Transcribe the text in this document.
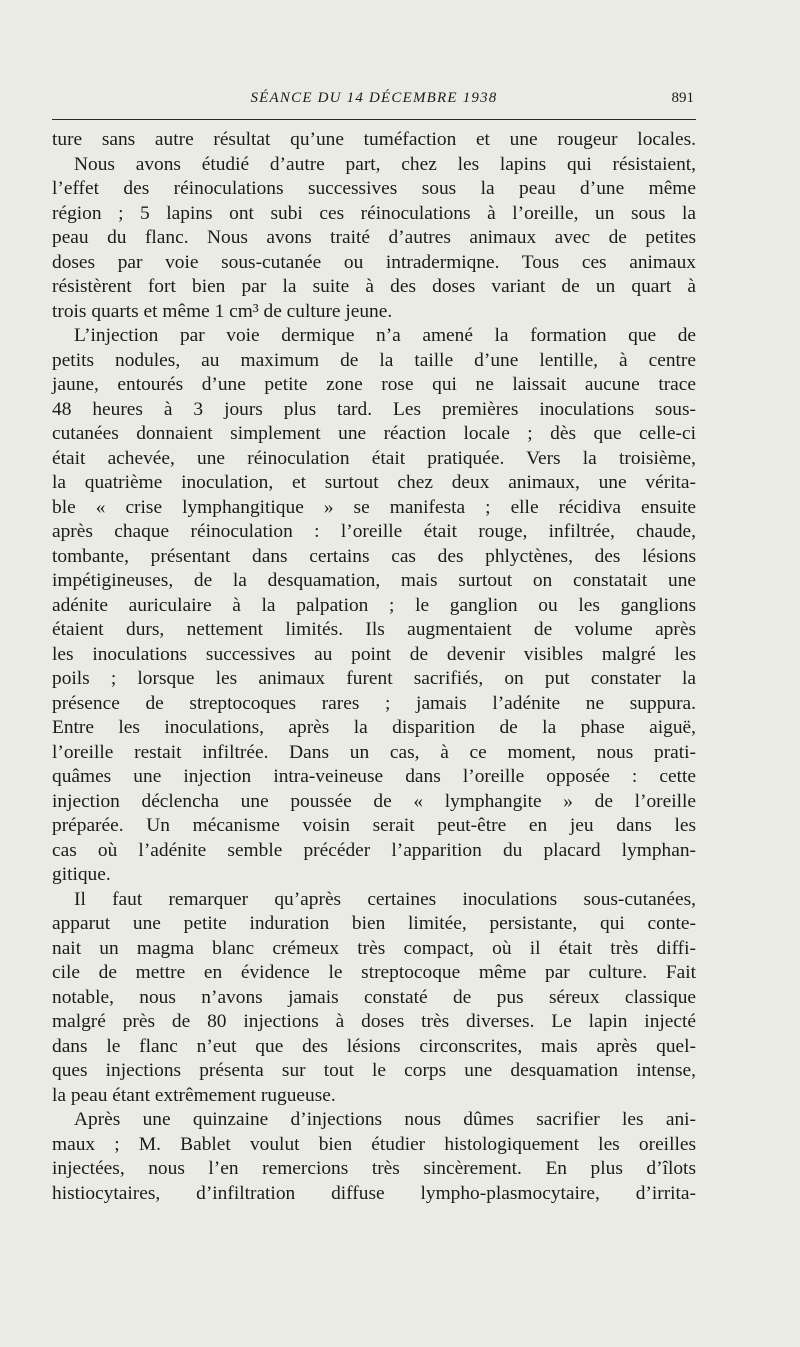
SÉANCE DU 14 DÉCEMBRE 1938	891
ture sans autre résultat qu’une tuméfaction et une rougeur locales.
Nous avons étudié d’autre part, chez les lapins qui résistaient,
l’effet des réinoculations successives sous la peau d’une même
région ; 5 lapins ont subi ces réinoculations à l’oreille, un sous la
peau du flanc. Nous avons traité d’autres animaux avec de petites
doses par voie sous-cutanée ou intradermiqne. Tous ces animaux
résistèrent fort bien par la suite à des doses variant de un quart à
trois quarts et même 1 cm³ de culture jeune.
L’injection par voie dermique n’a amené la formation que de
petits nodules, au maximum de la taille d’une lentille, à centre
jaune, entourés d’une petite zone rose qui ne laissait aucune trace
48 heures à 3 jours plus tard. Les premières inoculations sous-
cutanées donnaient simplement une réaction locale ; dès que celle-ci
était achevée, une réinoculation était pratiquée. Vers la troisième,
la quatrième inoculation, et surtout chez deux animaux, une vérita-
ble « crise lymphangitique » se manifesta ; elle récidiva ensuite
après chaque réinoculation : l’oreille était rouge, infiltrée, chaude,
tombante, présentant dans certains cas des phlyctènes, des lésions
impétigineuses, de la desquamation, mais surtout on constatait une
adénite auriculaire à la palpation ; le ganglion ou les ganglions
étaient durs, nettement limités. Ils augmentaient de volume après
les inoculations successives au point de devenir visibles malgré les
poils ; lorsque les animaux furent sacrifiés, on put constater la
présence de streptocoques rares ; jamais l’adénite ne suppura.
Entre les inoculations, après la disparition de la phase aiguë,
l’oreille restait infiltrée. Dans un cas, à ce moment, nous prati-
quâmes une injection intra-veineuse dans l’oreille opposée : cette
injection déclencha une poussée de « lymphangite » de l’oreille
préparée. Un mécanisme voisin serait peut-être en jeu dans les
cas où l’adénite semble précéder l’apparition du placard lymphan-
gitique.
Il faut remarquer qu’après certaines inoculations sous-cutanées,
apparut une petite induration bien limitée, persistante, qui conte-
nait un magma blanc crémeux très compact, où il était très diffi-
cile de mettre en évidence le streptocoque même par culture. Fait
notable, nous n’avons jamais constaté de pus séreux classique
malgré près de 80 injections à doses très diverses. Le lapin injecté
dans le flanc n’eut que des lésions circonscrites, mais après quel-
ques injections présenta sur tout le corps une desquamation intense,
la peau étant extrêmement rugueuse.
Après une quinzaine d’injections nous dûmes sacrifier les ani-
maux ; M. Bablet voulut bien étudier histologiquement les oreilles
injectées, nous l’en remercions très sincèrement. En plus d’îlots
histiocytaires, d’infiltration diffuse lympho-plasmocytaire, d’irrita-
